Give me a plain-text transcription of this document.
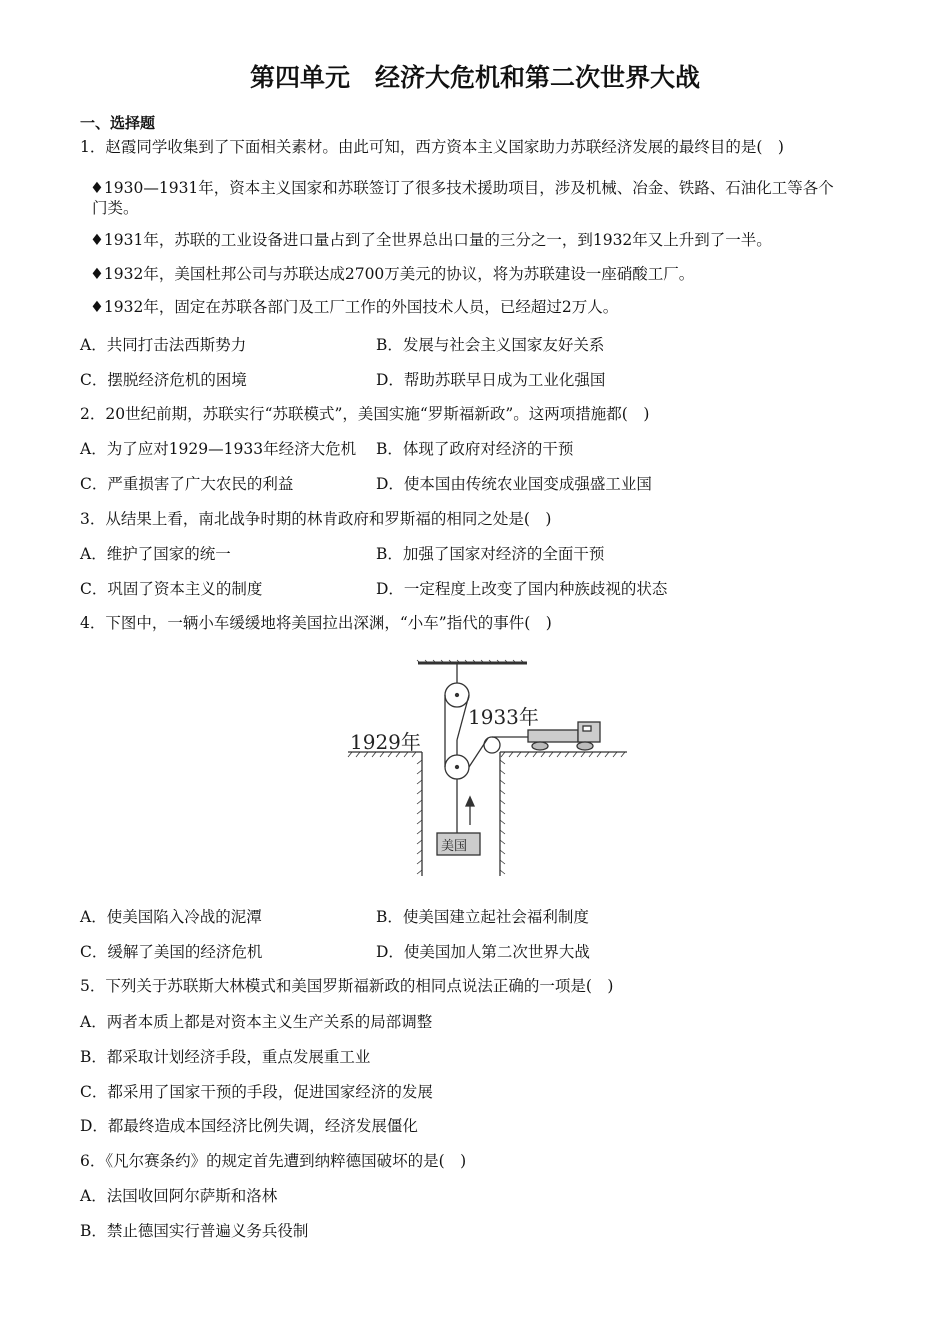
第四单元　经济大危机和第二次世界大战
一、选择题
1．赵霞同学收集到了下面相关素材。由此可知，西方资本主义国家助力苏联经济发展的最终目的是(　)
♦1930—1931年，资本主义国家和苏联签订了很多技术援助项目，涉及机械、冶金、铁路、石油化工等各个
门类。
♦1931年，苏联的工业设备进口量占到了全世界总出口量的三分之一，到1932年又上升到了一半。
♦1932年，美国杜邦公司与苏联达成2700万美元的协议，将为苏联建设一座硝酸工厂。
♦1932年，固定在苏联各部门及工厂工作的外国技术人员，已经超过2万人。
A．共同打击法西斯势力	B．发展与社会主义国家友好关系
C．摆脱经济危机的困境	D．帮助苏联早日成为工业化强国
2．20世纪前期，苏联实行“苏联模式”，美国实施“罗斯福新政”。这两项措施都(　)
A．为了应对1929—1933年经济大危机 B．体现了政府对经济的干预
C．严重损害了广大农民的利益	D．使本国由传统农业国变成强盛工业国
3．从结果上看，南北战争时期的林肯政府和罗斯福的相同之处是(　)
A．维护了国家的统一	B．加强了国家对经济的全面干预
C．巩固了资本主义的制度	D．一定程度上改变了国内种族歧视的状态
4．下图中，一辆小车缓缓地将美国拉出深渊，“小车”指代的事件(　)
1929年
1933年
美国
A．使美国陷入冷战的泥潭	B．使美国建立起社会福利制度
C．缓解了美国的经济危机	D．使美国加人第二次世界大战
5．下列关于苏联斯大林模式和美国罗斯福新政的相同点说法正确的一项是(　)
A．两者本质上都是对资本主义生产关系的局部调整
B．都采取计划经济手段，重点发展重工业
C．都采用了国家干预的手段，促进国家经济的发展
D．都最终造成本国经济比例失调，经济发展僵化
6．《凡尔赛条约》的规定首先遭到纳粹德国破坏的是(　)
A．法国收回阿尔萨斯和洛林
B．禁止德国实行普遍义务兵役制
